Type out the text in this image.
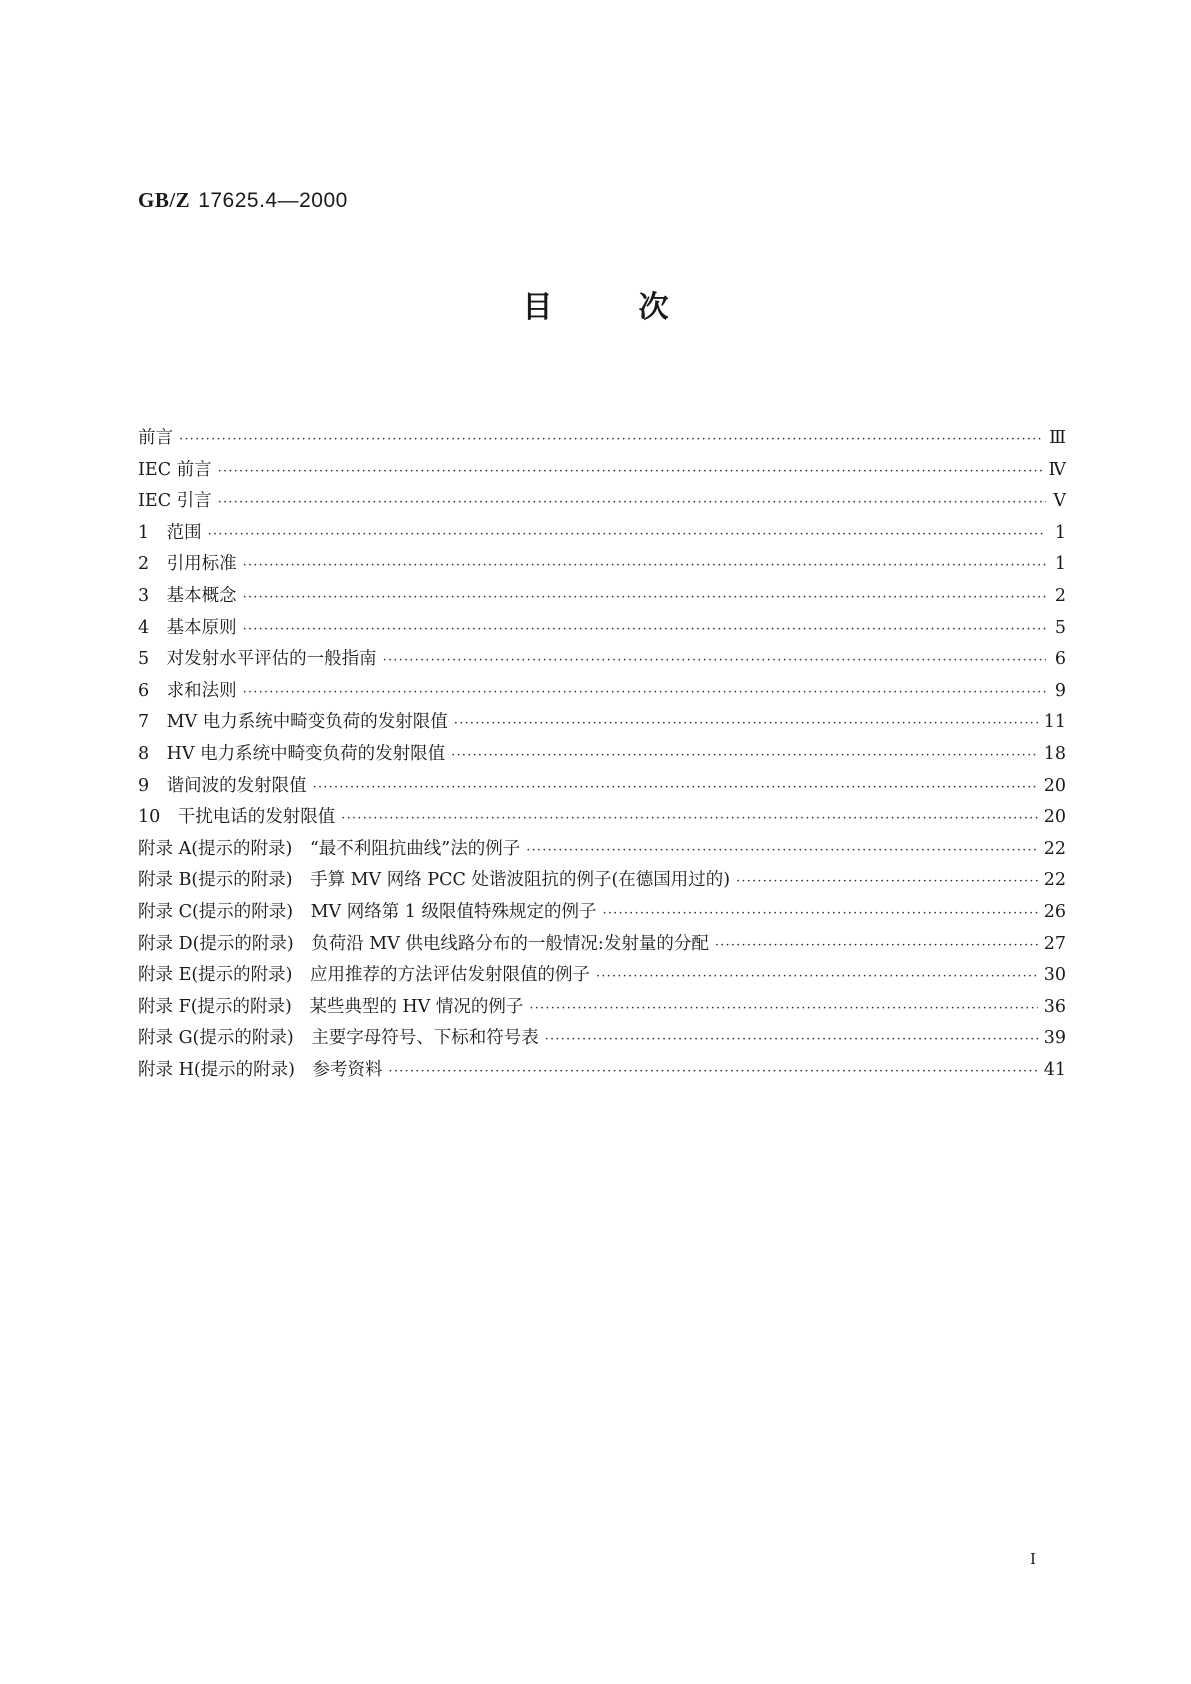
GB/Z 17625.4—2000
目次
前言 ·····	Ⅲ
IEC 前言 ·····	Ⅳ
IEC 引言 ·····	Ⅴ
1　范围 ·····	1
2　引用标准 ·····	1
3　基本概念 ·····	2
4　基本原则 ·····	5
5　对发射水平评估的一般指南 ·····	6
6　求和法则 ·····	9
7　MV 电力系统中畸变负荷的发射限值 ·····	11
8　HV 电力系统中畸变负荷的发射限值 ·····	18
9　谐间波的发射限值 ·····	20
10　干扰电话的发射限值 ·····	20
附录 A(提示的附录)　“最不利阻抗曲线”法的例子 ·····	22
附录 B(提示的附录)　手算 MV 网络 PCC 处谐波阻抗的例子(在德国用过的) ·····	22
附录 C(提示的附录)　MV 网络第 1 级限值特殊规定的例子 ·····	26
附录 D(提示的附录)　负荷沿 MV 供电线路分布的一般情况:发射量的分配 ·····	27
附录 E(提示的附录)　应用推荐的方法评估发射限值的例子 ·····	30
附录 F(提示的附录)　某些典型的 HV 情况的例子 ·····	36
附录 G(提示的附录)　主要字母符号、下标和符号表 ·····	39
附录 H(提示的附录)　参考资料 ·····	41
I
